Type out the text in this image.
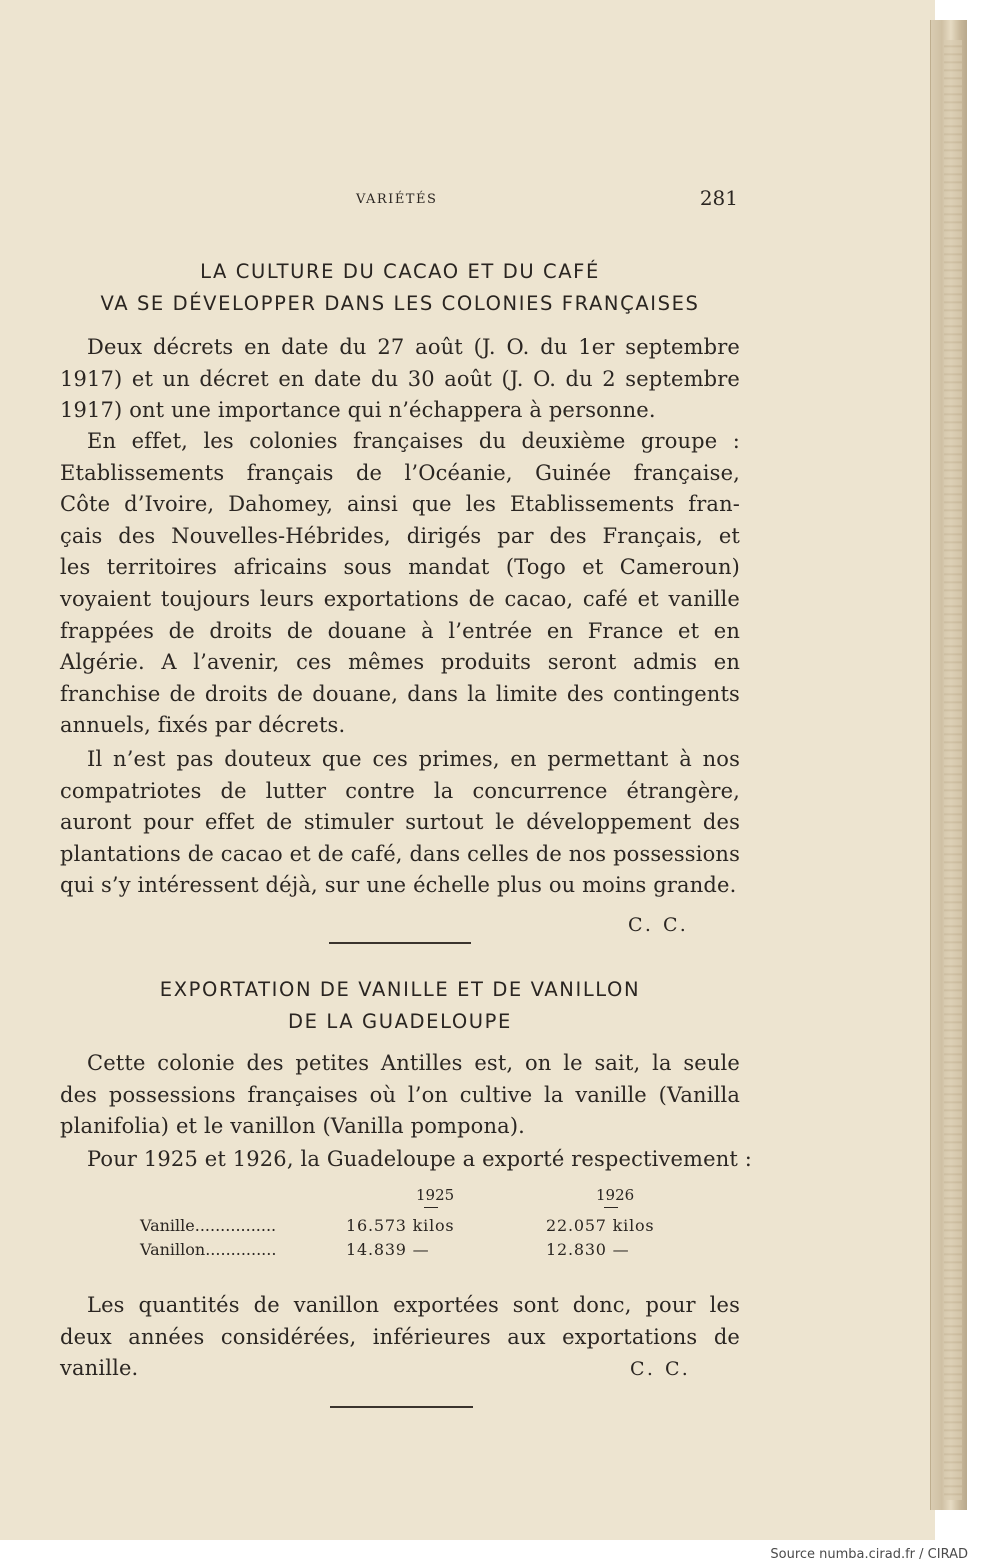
VARIÉTÉS	281
LA CULTURE DU CACAO ET DU CAFÉ
VA SE DÉVELOPPER DANS LES COLONIES FRANÇAISES
Deux décrets en date du 27 août (J. O. du 1er septembre
1917) et un décret en date du 30 août (J. O. du 2 septembre
1917) ont une importance qui n’échappera à personne.
En effet, les colonies françaises du deuxième groupe :
Etablissements français de l’Océanie, Guinée française,
Côte d’Ivoire, Dahomey, ainsi que les Etablissements fran-
çais des Nouvelles-Hébrides, dirigés par des Français, et
les territoires africains sous mandat (Togo et Cameroun)
voyaient toujours leurs exportations de cacao, café et vanille
frappées de droits de douane à l’entrée en France et en
Algérie. A l’avenir, ces mêmes produits seront admis en
franchise de droits de douane, dans la limite des contingents
annuels, fixés par décrets.
Il n’est pas douteux que ces primes, en permettant à nos
compatriotes de lutter contre la concurrence étrangère,
auront pour effet de stimuler surtout le développement des
plantations de cacao et de café, dans celles de nos possessions
qui s’y intéressent déjà, sur une échelle plus ou moins grande.
C. C.
EXPORTATION DE VANILLE ET DE VANILLON
DE LA GUADELOUPE
Cette colonie des petites Antilles est, on le sait, la seule
des possessions françaises où l’on cultive la vanille (Vanilla
planifolia) et le vanillon (Vanilla pompona).
Pour 1925 et 1926, la Guadeloupe a exporté respectivement :
	1925	1926

Vanille................	16.573 kilos	22.057 kilos
Vanillon..............	14.839 —	12.830 —
Les quantités de vanillon exportées sont donc, pour les
deux années considérées, inférieures aux exportations de
vanille.	C. C.
Source numba.cirad.fr / CIRAD
